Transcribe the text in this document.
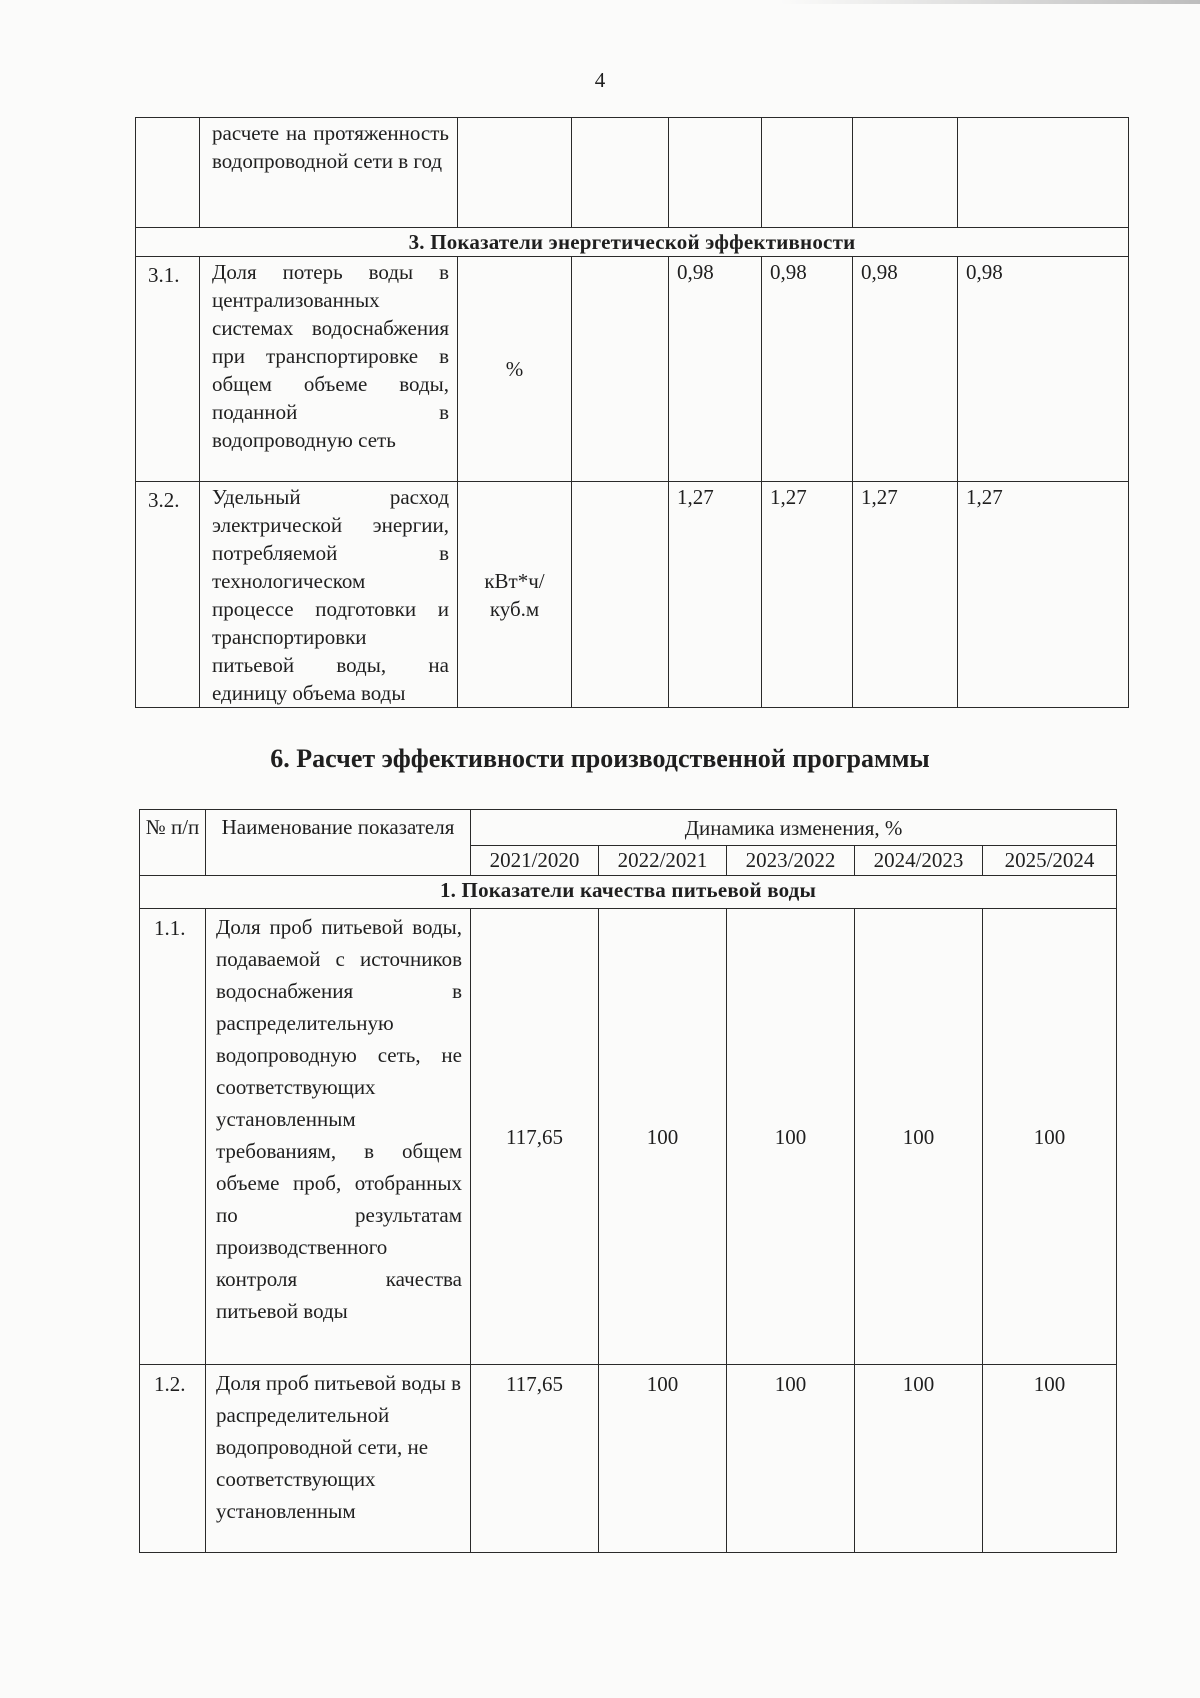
4
	расчете на протяженность водопроводной сети в год						
3. Показатели энергетической эффективности							
3.1.	Доля потерь воды в централизованных системах водоснабжения при транспортировке в общем объеме воды, поданной в водопроводную сеть	%		0,98	0,98	0,98	0,98
3.2.	Удельный расход электрической энергии, потребляемой в технологическом процессе подготовки и транспортировки питьевой воды, на единицу объема воды	кВт*ч/ куб.м		1,27	1,27	1,27	1,27
6. Расчет эффективности производственной программы
№ п/п	Наименование показателя	Динамика изменения, %				
		2021/2020	2022/2021	2023/2022	2024/2023	2025/2024
1. Показатели качества питьевой воды						
1.1.	Доля проб питьевой воды, подаваемой с источников водоснабжения в распределительную водопроводную сеть, не соответствующих установленным требованиям, в общем объеме проб, отобранных по результатам производственного контроля качества питьевой воды	117,65	100	100	100	100
1.2.	Доля проб питьевой воды в распределительной водопроводной сети, не соответствующих установленным	117,65	100	100	100	100
